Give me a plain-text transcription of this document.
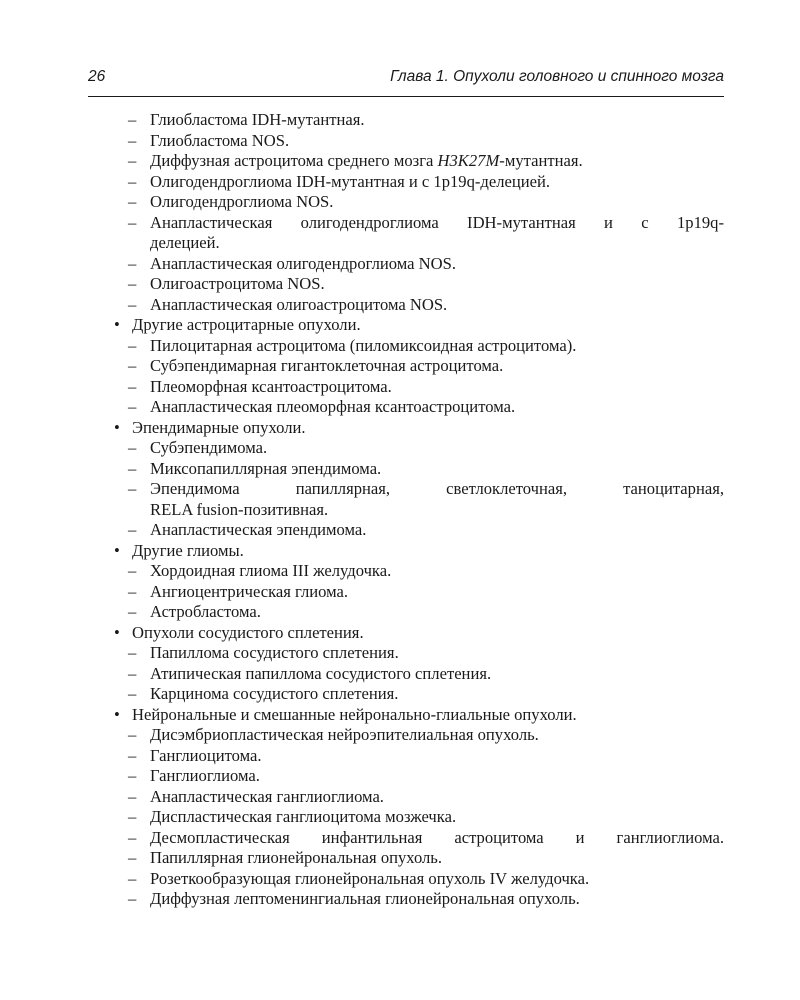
26	Глава 1. Опухоли головного и спинного мозга
– Глиобластома IDH-мутантная.
– Глиобластома NOS.
– Диффузная астроцитома среднего мозга H3K27M-мутантная.
– Олигодендроглиома IDH-мутантная и с 1p19q-делецией.
– Олигодендроглиома NOS.
– Анапластическая олигодендроглиома IDH-мутантная и с 1p19q-
делецией.
– Анапластическая олигодендроглиома NOS.
– Олигоастроцитома NOS.
– Анапластическая олигоастроцитома NOS.
• Другие астроцитарные опухоли.
– Пилоцитарная астроцитома (пиломиксоидная астроцитома).
– Субэпендимарная гигантоклеточная астроцитома.
– Плеоморфная ксантоастроцитома.
– Анапластическая плеоморфная ксантоастроцитома.
• Эпендимарные опухоли.
– Субэпендимома.
– Миксопапиллярная эпендимома.
– Эпендимома папиллярная, светлоклеточная, таноцитарная,
RELA fusion-позитивная.
– Анапластическая эпендимома.
• Другие глиомы.
– Хордоидная глиома III желудочка.
– Ангиоцентрическая глиома.
– Астробластома.
• Опухоли сосудистого сплетения.
– Папиллома сосудистого сплетения.
– Атипическая папиллома сосудистого сплетения.
– Карцинома сосудистого сплетения.
• Нейрональные и смешанные нейронально-глиальные опухоли.
– Дисэмбриопластическая нейроэпителиальная опухоль.
– Ганглиоцитома.
– Ганглиоглиома.
– Анапластическая ганглиоглиома.
– Диспластическая ганглиоцитома мозжечка.
– Десмопластическая инфантильная астроцитома и ганглиоглиома.
– Папиллярная глионейрональная опухоль.
– Розеткообразующая глионейрональная опухоль IV желудочка.
– Диффузная лептоменингиальная глионейрональная опухоль.
